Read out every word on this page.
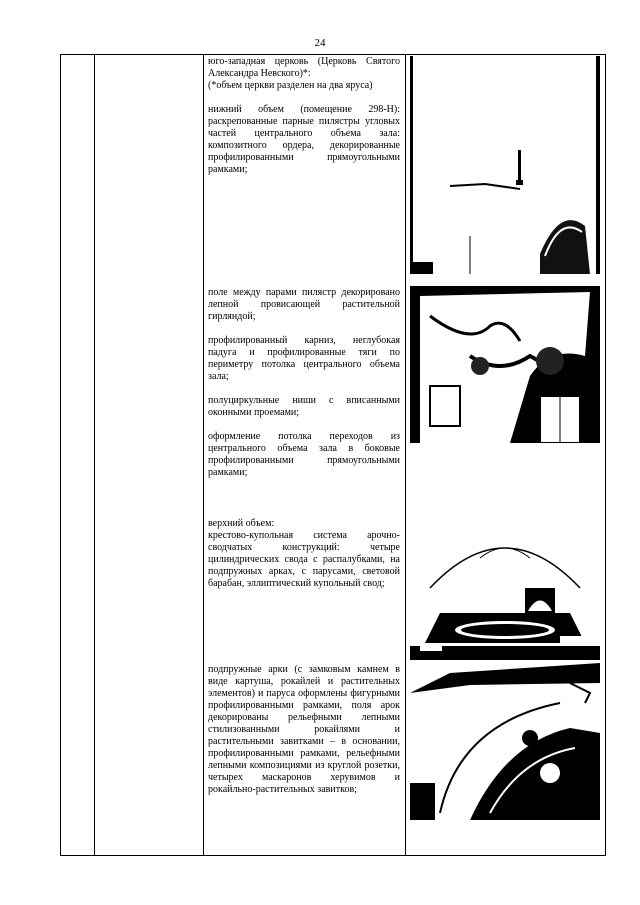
24

юго-западная церковь (Церковь Святого Александра Невского)*:

(*объем церкви разделен на два яруса)

нижний объем (помещение 298-Н): раскрепованные парные пилястры угловых частей центрального объема зала: композитного ордера, декорированные профилированными прямоугольными рамками;

поле между парами пилястр декорировано лепной провисающей растительной гирляндой;

профилированный карниз, неглубокая падуга и профилированные тяги по периметру потолка центрального объема зала;

полуциркульные ниши с вписанными оконными проемами;

оформление потолка переходов из центрального объема зала в боковые профилированными прямоугольными рамками;

верхний объем:

крестово-купольная система арочно-сводчатых конструкций: четыре цилиндрических свода с распалубками, на подпружных арках, с парусами, световой барабан, эллиптический купольный свод;

подпружные арки (с замковым камнем в виде картуша, рокайлей и растительных элементов) и паруса оформлены фигурными профилированными рамками, поля арок декорированы рельефными лепными стилизованными рокайлями и растительными завитками – в основании, профилированными рамками, рельефными лепными композициями из круглой розетки, четырех маскаронов херувимов и рокайльно-растительных завитков;
